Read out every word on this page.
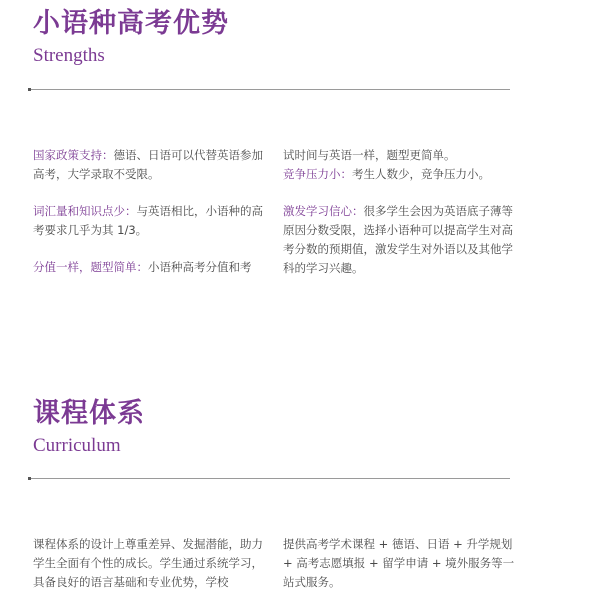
小语种高考优势
Strengths

国家政策支持：德语、日语可以代替英语参加高考，大学录取不受限。

词汇量和知识点少：与英语相比，小语种的高考要求几乎为其 1/3。

分值一样，题型简单：小语种高考分值和考

试时间与英语一样，题型更简单。

竞争压力小：考生人数少，竞争压力小。

激发学习信心：很多学生会因为英语底子薄等原因分数受限，选择小语种可以提高学生对高考分数的预期值，激发学生对外语以及其他学科的学习兴趣。

课程体系
Curriculum

课程体系的设计上尊重差异、发掘潜能，助力学生全面有个性的成长。学生通过系统学习，具备良好的语言基础和专业优势，学校

提供高考学术课程 + 德语、日语 + 升学规划 + 高考志愿填报 + 留学申请 + 境外服务等一站式服务。
